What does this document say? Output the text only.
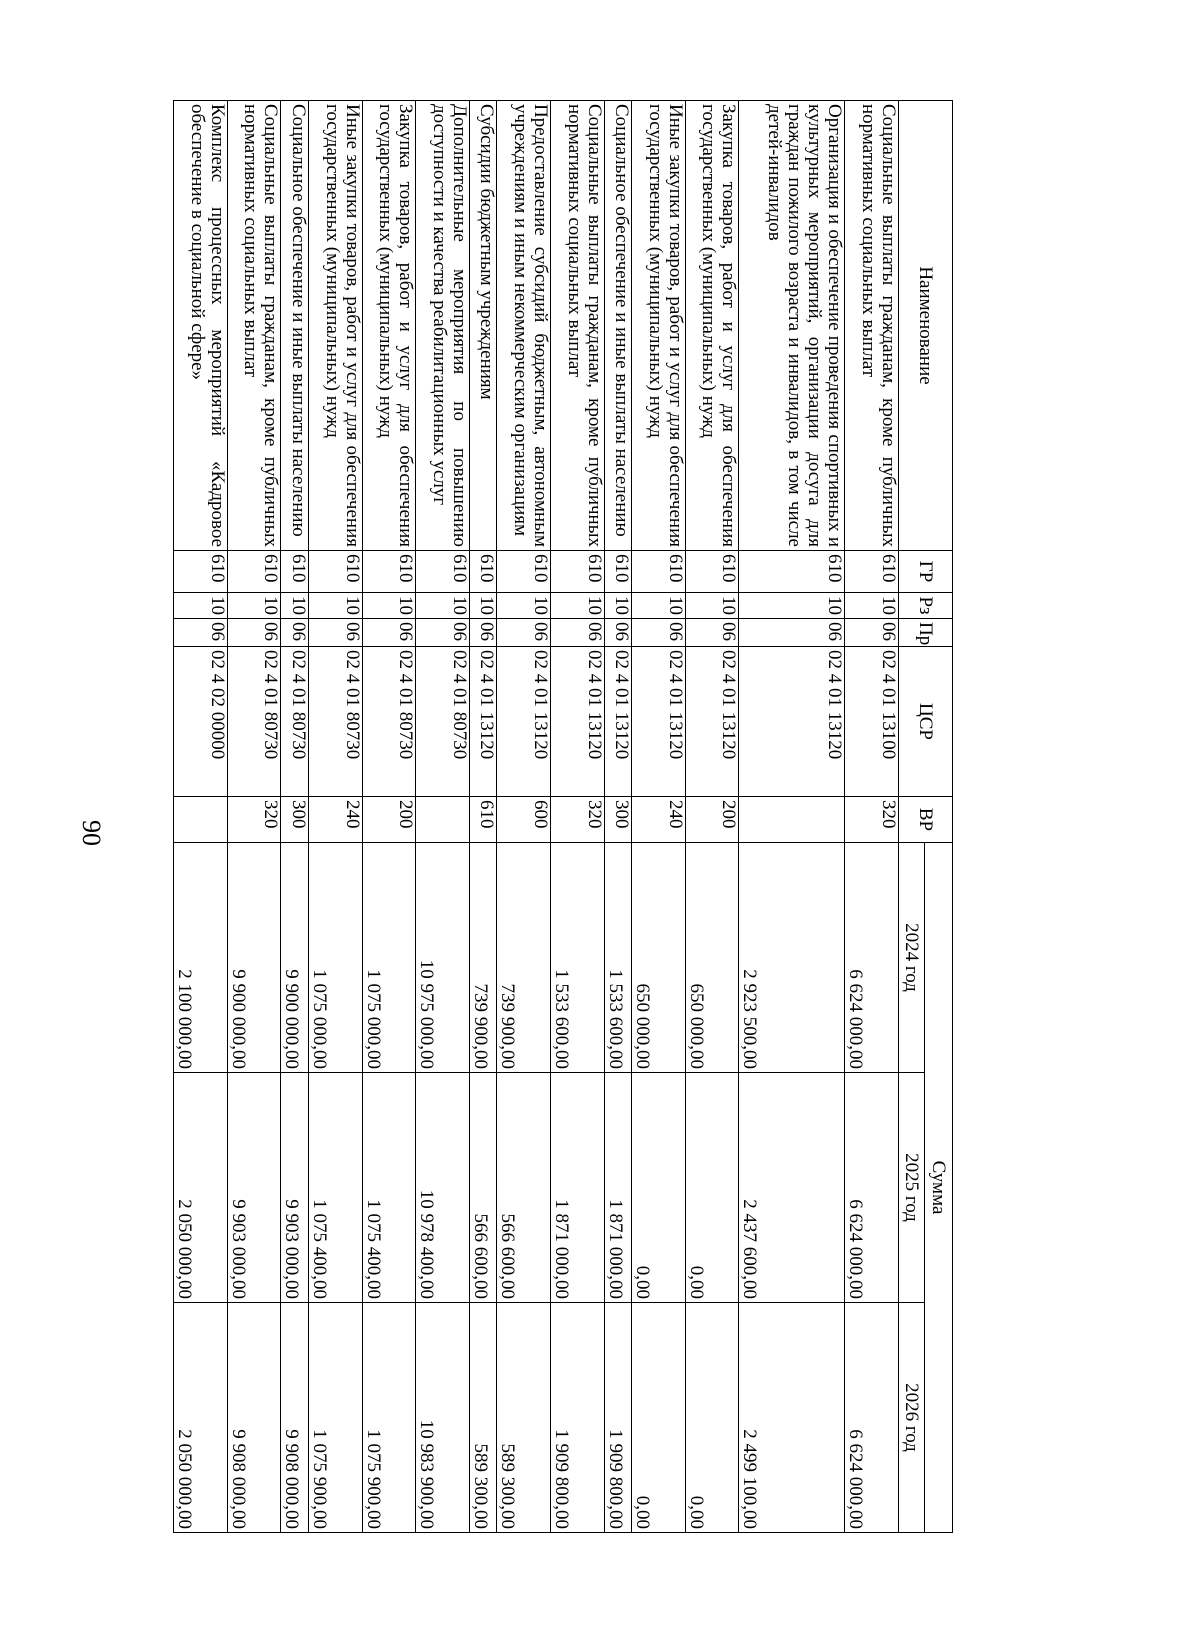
90
Наименование	ГР	Рз	Пр	ЦСР	ВР	Сумма		
						2024 год	2025 год	2026 год
Социальные выплаты гражданам, кроме публичных нормативных социальных выплат	610	10	06	02 4 01 13100	320	6 624 000,00	6 624 000,00	6 624 000,00
Организация и обеспечение проведения спортивных и культурных мероприятий, организации досуга для граждан пожилого возраста и инвалидов, в том числе детей-инвалидов	610	10	06	02 4 01 13120		2 923 500,00	2 437 600,00	2 499 100,00
Закупка товаров, работ и услуг для обеспечения государственных (муниципальных) нужд	610	10	06	02 4 01 13120	200	650 000,00	0,00	0,00
Иные закупки товаров, работ и услуг для обеспечения государственных (муниципальных) нужд	610	10	06	02 4 01 13120	240	650 000,00	0,00	0,00
Социальное обеспечение и иные выплаты населению	610	10	06	02 4 01 13120	300	1 533 600,00	1 871 000,00	1 909 800,00
Социальные выплаты гражданам, кроме публичных нормативных социальных выплат	610	10	06	02 4 01 13120	320	1 533 600,00	1 871 000,00	1 909 800,00
Предоставление субсидий бюджетным, автономным учреждениям и иным некоммерческим организациям	610	10	06	02 4 01 13120	600	739 900,00	566 600,00	589 300,00
Субсидии бюджетным учреждениям	610	10	06	02 4 01 13120	610	739 900,00	566 600,00	589 300,00
Дополнительные мероприятия по повышению доступности и качества реабилитационных услуг	610	10	06	02 4 01 80730		10 975 000,00	10 978 400,00	10 983 900,00
Закупка товаров, работ и услуг для обеспечения государственных (муниципальных) нужд	610	10	06	02 4 01 80730	200	1 075 000,00	1 075 400,00	1 075 900,00
Иные закупки товаров, работ и услуг для обеспечения государственных (муниципальных) нужд	610	10	06	02 4 01 80730	240	1 075 000,00	1 075 400,00	1 075 900,00
Социальное обеспечение и иные выплаты населению	610	10	06	02 4 01 80730	300	9 900 000,00	9 903 000,00	9 908 000,00
Социальные выплаты гражданам, кроме публичных нормативных социальных выплат	610	10	06	02 4 01 80730	320	9 900 000,00	9 903 000,00	9 908 000,00
Комплекс процессных мероприятий «Кадровое обеспечение в социальной сфере»	610	10	06	02 4 02 00000		2 100 000,00	2 050 000,00	2 050 000,00
